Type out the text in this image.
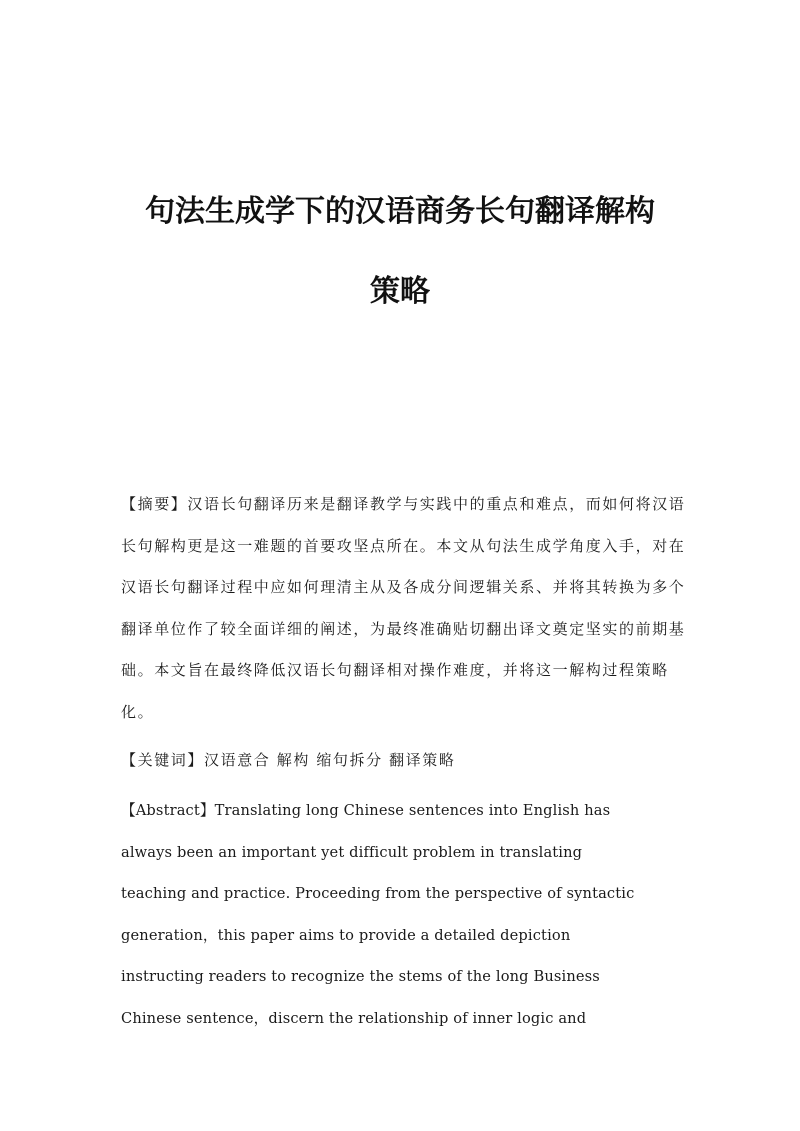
句法生成学下的汉语商务长句翻译解构
策略
【摘要】汉语长句翻译历来是翻译教学与实践中的重点和难点，而如何将汉语
长句解构更是这一难题的首要攻坚点所在。本文从句法生成学角度入手，对在
汉语长句翻译过程中应如何理清主从及各成分间逻辑关系、并将其转换为多个
翻译单位作了较全面详细的阐述，为最终准确贴切翻出译文奠定坚实的前期基
础。本文旨在最终降低汉语长句翻译相对操作难度，并将这一解构过程策略
化。
【关键词】汉语意合 解构 缩句拆分 翻译策略
【Abstract】Translating long Chinese sentences into English has
always been an important yet difficult problem in translating
teaching and practice. Proceeding from the perspective of syntactic
generation，this paper aims to provide a detailed depiction
instructing readers to recognize the stems of the long Business
Chinese sentence，discern the relationship of inner logic and
